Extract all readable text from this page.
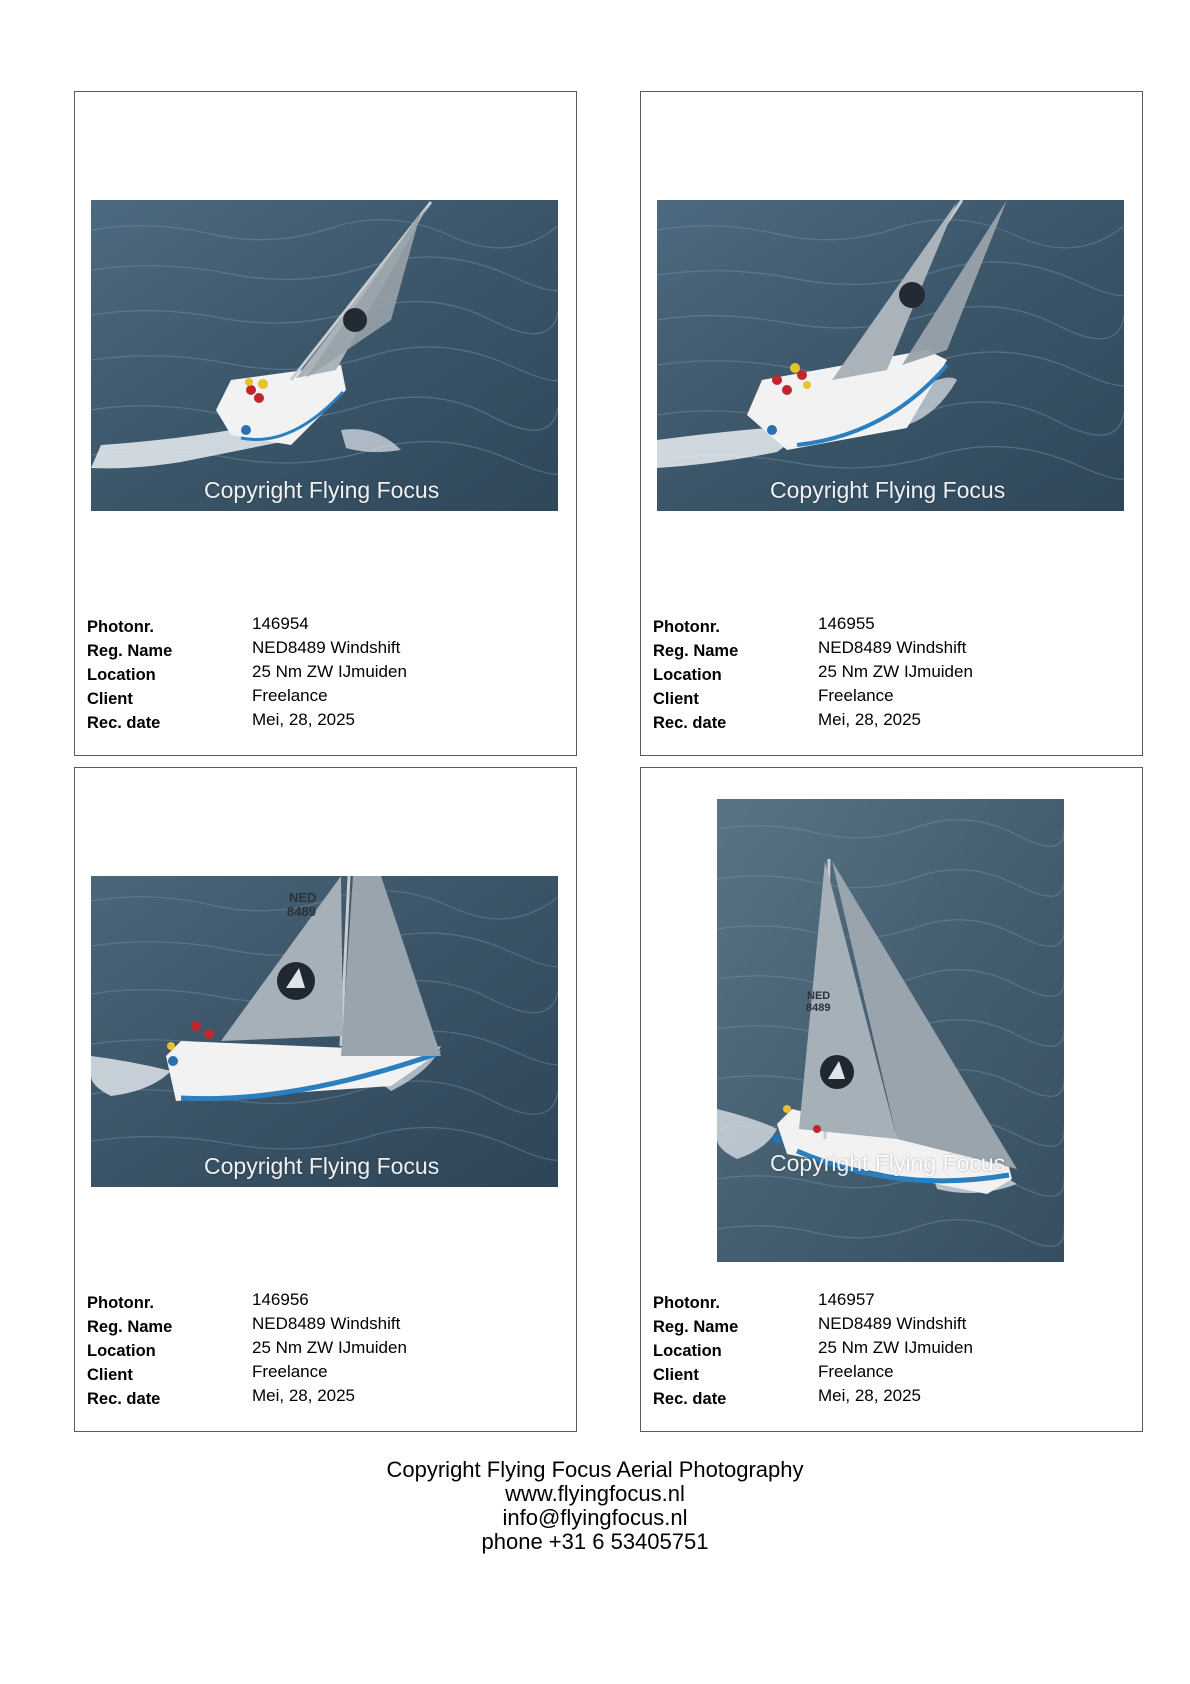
Copyright Flying Focus
Photonr.	146954
Reg. Name	NED8489 Windshift
Location	25 Nm ZW IJmuiden
Client	Freelance
Rec. date	Mei, 28, 2025
Copyright Flying Focus
Photonr.	146955
Reg. Name	NED8489 Windshift
Location	25 Nm ZW IJmuiden
Client	Freelance
Rec. date	Mei, 28, 2025
NED
8489
Copyright Flying Focus
Photonr.	146956
Reg. Name	NED8489 Windshift
Location	25 Nm ZW IJmuiden
Client	Freelance
Rec. date	Mei, 28, 2025
NED
8489
Copyright Flying Focus
Photonr.	146957
Reg. Name	NED8489 Windshift
Location	25 Nm ZW IJmuiden
Client	Freelance
Rec. date	Mei, 28, 2025
Copyright Flying Focus Aerial Photography
www.flyingfocus.nl
info@flyingfocus.nl
phone +31 6 53405751
